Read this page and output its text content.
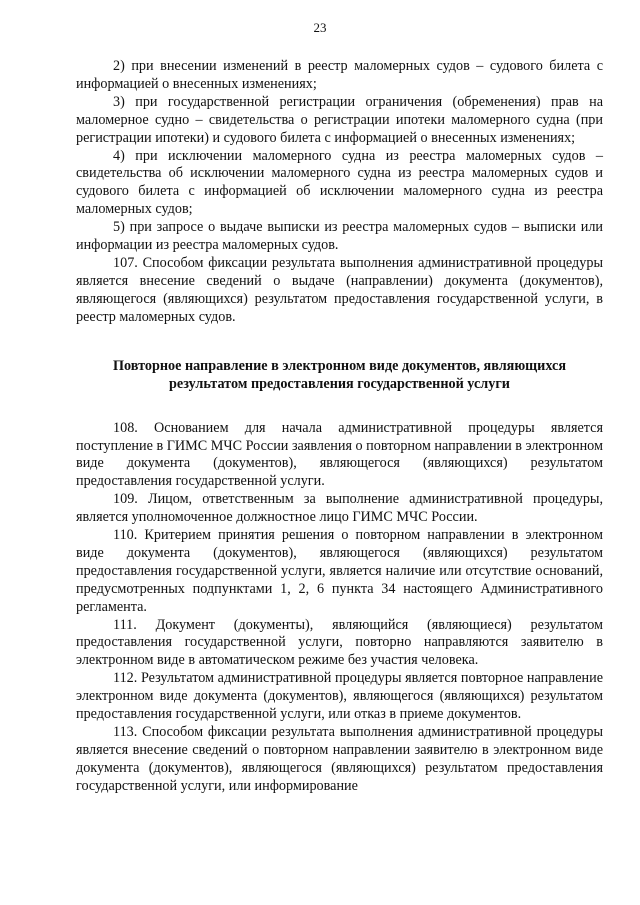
23

2) при внесении изменений в реестр маломерных судов – судового билета с информацией о внесенных изменениях;

3) при государственной регистрации ограничения (обременения) прав на маломерное судно – свидетельства о регистрации ипотеки маломерного судна (при регистрации ипотеки) и судового билета с информацией о внесенных изменениях;

4) при исключении маломерного судна из реестра маломерных судов – свидетельства об исключении маломерного судна из реестра маломерных судов и судового билета с информацией об исключении маломерного судна из реестра маломерных судов;

5) при запросе о выдаче выписки из реестра маломерных судов – выписки или информации из реестра маломерных судов.

107. Способом фиксации результата выполнения административной процедуры является внесение сведений о выдаче (направлении) документа (документов), являющегося (являющихся) результатом предоставления государственной услуги, в реестр маломерных судов.

Повторное направление в электронном виде документов, являющихся
результатом предоставления государственной услуги

108. Основанием для начала административной процедуры является поступление в ГИМС МЧС России заявления о повторном направлении в электронном виде документа (документов), являющегося (являющихся) результатом предоставления государственной услуги.

109. Лицом, ответственным за выполнение административной процедуры, является уполномоченное должностное лицо ГИМС МЧС России.

110. Критерием принятия решения о повторном направлении в электронном виде документа (документов), являющегося (являющихся) результатом предоставления государственной услуги, является наличие или отсутствие оснований, предусмотренных подпунктами 1, 2, 6 пункта 34 настоящего Административного регламента.

111. Документ (документы), являющийся (являющиеся) результатом предоставления государственной услуги, повторно направляются заявителю в электронном виде в автоматическом режиме без участия человека.

112. Результатом административной процедуры является повторное направление электронном виде документа (документов), являющегося (являющихся) результатом предоставления государственной услуги, или отказ в приеме документов.

113. Способом фиксации результата выполнения административной процедуры является внесение сведений о повторном направлении заявителю в электронном виде документа (документов), являющегося (являющихся) результатом предоставления государственной услуги, или информирование
